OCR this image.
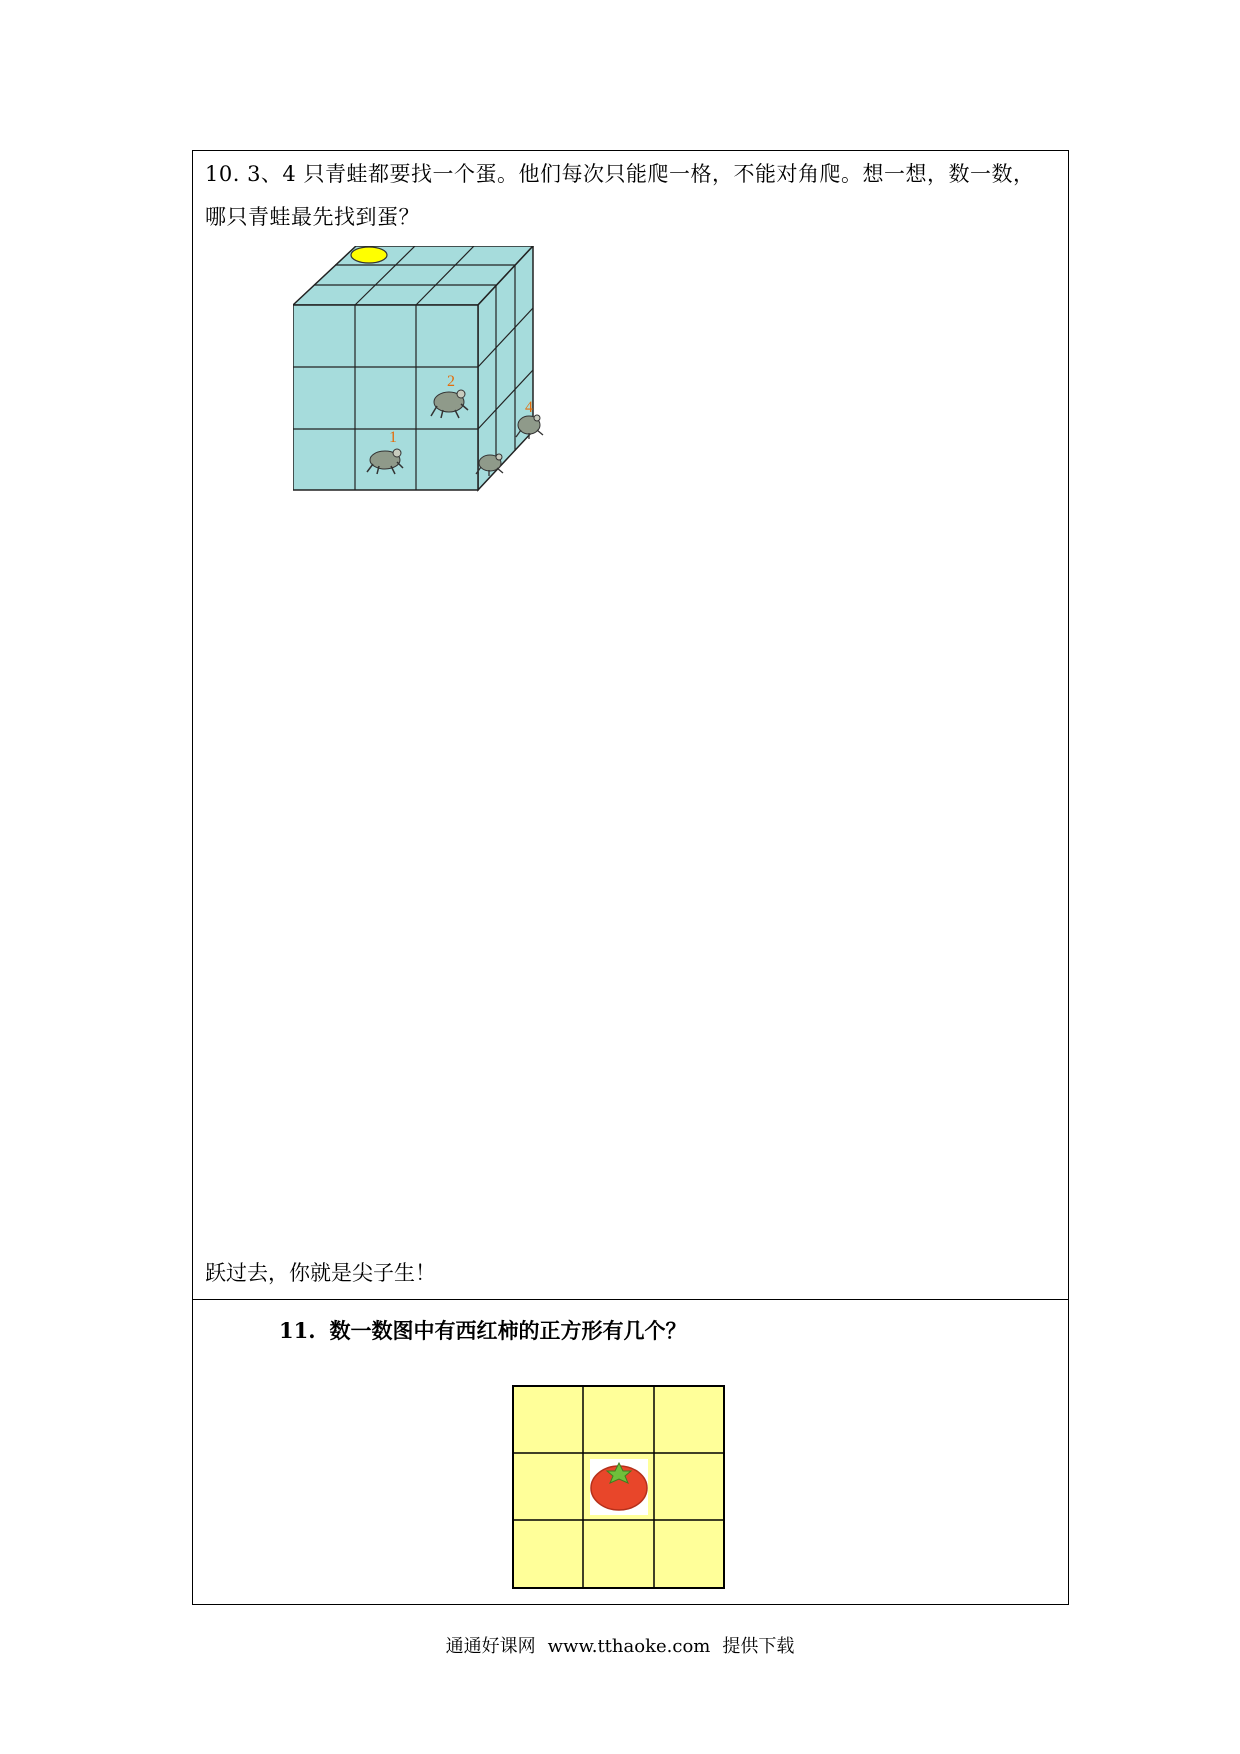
10. 3、4 只青蛙都要找一个蛋。他们每次只能爬一格，不能对角爬。想一想，数一数，哪只青蛙最先找到蛋？
1
2
4
跃过去，你就是尖子生！
11. 数一数图中有西红柿的正方形有几个？
通通好课网 www.tthaoke.com 提供下载
